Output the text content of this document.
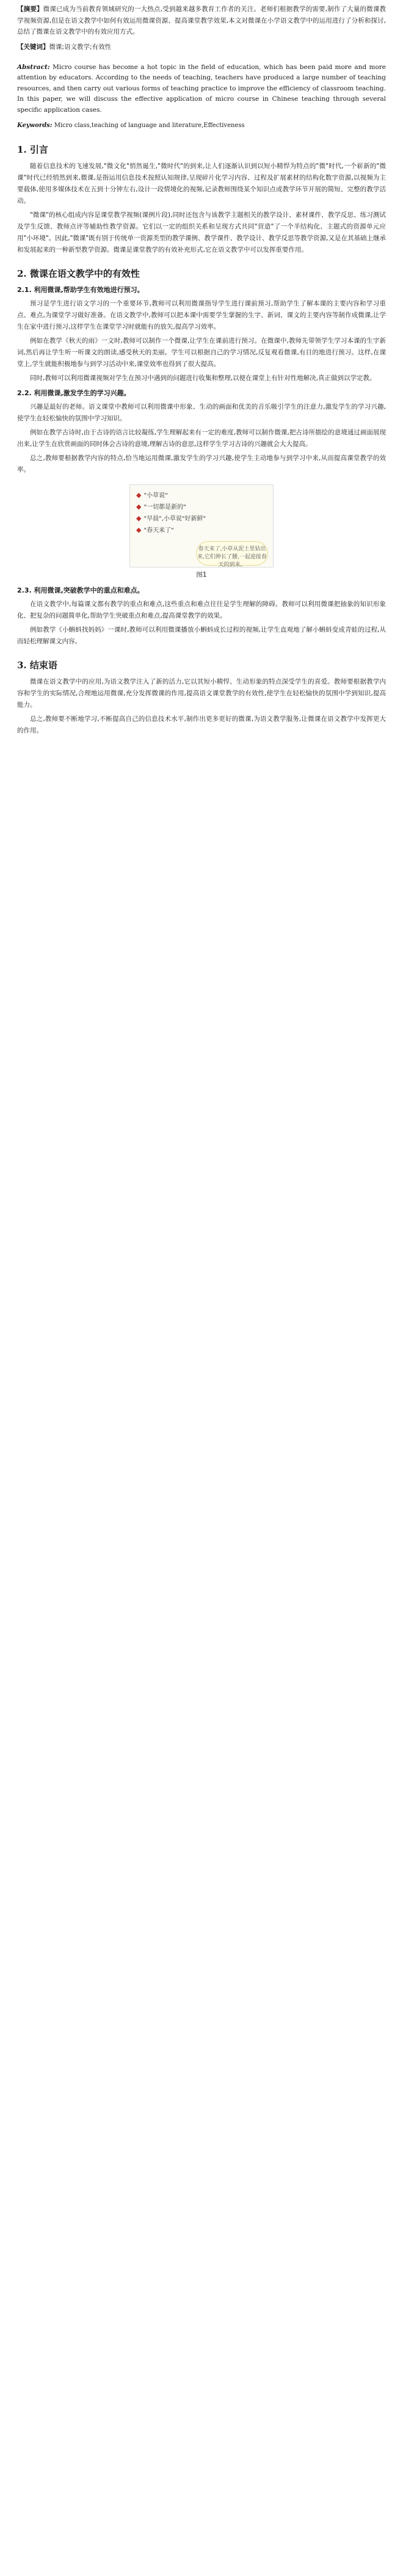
【摘要】微课已成为当前教育领域研究的一大热点,受到越来越多教育工作者的关注。老师们根据教学的需要,制作了大量的微课教学视频资源,但是在语文教学中如何有效运用微课资源、提高课堂教学效果,本文对微课在小学语文教学中的运用进行了分析和探讨,总结了微课在语文教学中的有效应用方式。

【关键词】微课;语文教学;有效性

Abstract: Micro course has become a hot topic in the field of education, which has been paid more and more attention by educators. According to the needs of teaching, teachers have produced a large number of teaching resources, and then carry out various forms of teaching practice to improve the efficiency of classroom teaching. In this paper, we will discuss the effective application of micro course in Chinese teaching through several specific application cases.

Keywords: Micro class,teaching of language and literature,Effectiveness

1. 引言

随着信息技术的飞速发展,"微文化"悄然诞生,"微时代"的到来,让人们逐渐认识到以短小精悍为特点的"微"时代,一个崭新的"微课"时代已经悄然到来,微课,是指运用信息技术按照认知规律,呈现碎片化学习内容、过程及扩展素材的结构化数字资源,以视频为主要载体,使用多媒体技术在五到十分钟左右,设计一段情境化的视频,记录教师围绕某个知识点或教学环节开展的简短、完整的教学活动。

"微课"的核心组成内容是课堂教学视频(课例片段),同时还包含与该教学主题相关的教学设计、素材课件、教学反思、练习测试及学生反馈、教师点评等辅助性教学资源。它们以一定的组织关系和呈现方式共同"营造"了一个半结构化、主题式的资源单元应用"小环境"。因此,"微课"既有别于传统单一资源类型的教学课例、教学课件、教学设计、教学反思等教学资源,又是在其基础上继承和发展起来的一种新型教学资源。微课是课堂教学的有效补充形式,它在语文教学中可以发挥重要作用。

2. 微课在语文教学中的有效性
2.1. 利用微课,帮助学生有效地进行预习。

预习是学生进行语文学习的一个重要环节,教师可以利用微课指导学生进行课前预习,帮助学生了解本课的主要内容和学习重点、难点,为课堂学习做好准备。在语文教学中,教师可以把本课中需要学生掌握的生字、新词、课文的主要内容等制作成微课,让学生在家中进行预习,这样学生在课堂学习时就能有的放矢,提高学习效率。

例如在教学《秋天的雨》一文时,教师可以制作一个微课,让学生在课前进行预习。在微课中,教师先带领学生学习本课的生字新词,然后再让学生听一听课文的朗读,感受秋天的美丽。学生可以根据自己的学习情况,反复观看微课,有目的地进行预习。这样,在课堂上,学生就能积极地参与到学习活动中来,课堂效率也得到了很大提高。

同时,教师可以利用微课视频对学生在预习中遇到的问题进行收集和整理,以便在课堂上有针对性地解决,真正做到以学定教。

2.2. 利用微课,激发学生的学习兴趣。

兴趣是最好的老师。语文课堂中教师可以利用微课中形象、生动的画面和优美的音乐吸引学生的注意力,激发学生的学习兴趣,使学生在轻松愉快的氛围中学习知识。

例如在教学古诗时,由于古诗的语言比较凝练,学生理解起来有一定的难度,教师可以制作微课,把古诗所描绘的意境通过画面展现出来,让学生在欣赏画面的同时体会古诗的意境,理解古诗的意思,这样学生学习古诗的兴趣就会大大提高。

总之,教师要根据教学内容的特点,恰当地运用微课,激发学生的学习兴趣,使学生主动地参与到学习中来,从而提高课堂教学的效率。

◆ "小草说"
◆ "一切都是新的"
◆ "早晨",小草说"好新鲜"
◆ "春天来了"
春天来了,小草从泥土里钻出来,它们伸长了腰,一起迎接春天的到来。
图1
2.3. 利用微课,突破教学中的重点和难点。

在语文教学中,每篇课文都有教学的重点和难点,这些重点和难点往往是学生理解的障碍。教师可以利用微课把抽象的知识形象化、把复杂的问题简单化,帮助学生突破重点和难点,提高课堂教学的效果。

例如教学《小蝌蚪找妈妈》一课时,教师可以利用微课播放小蝌蚪成长过程的视频,让学生直观地了解小蝌蚪变成青蛙的过程,从而轻松理解课文内容。

3. 结束语

微课在语文教学中的应用,为语文教学注入了新的活力,它以其短小精悍、生动形象的特点深受学生的喜爱。教师要根据教学内容和学生的实际情况,合理地运用微课,充分发挥微课的作用,提高语文课堂教学的有效性,使学生在轻松愉快的氛围中学到知识,提高能力。

总之,教师要不断地学习,不断提高自己的信息技术水平,制作出更多更好的微课,为语文教学服务,让微课在语文教学中发挥更大的作用。
